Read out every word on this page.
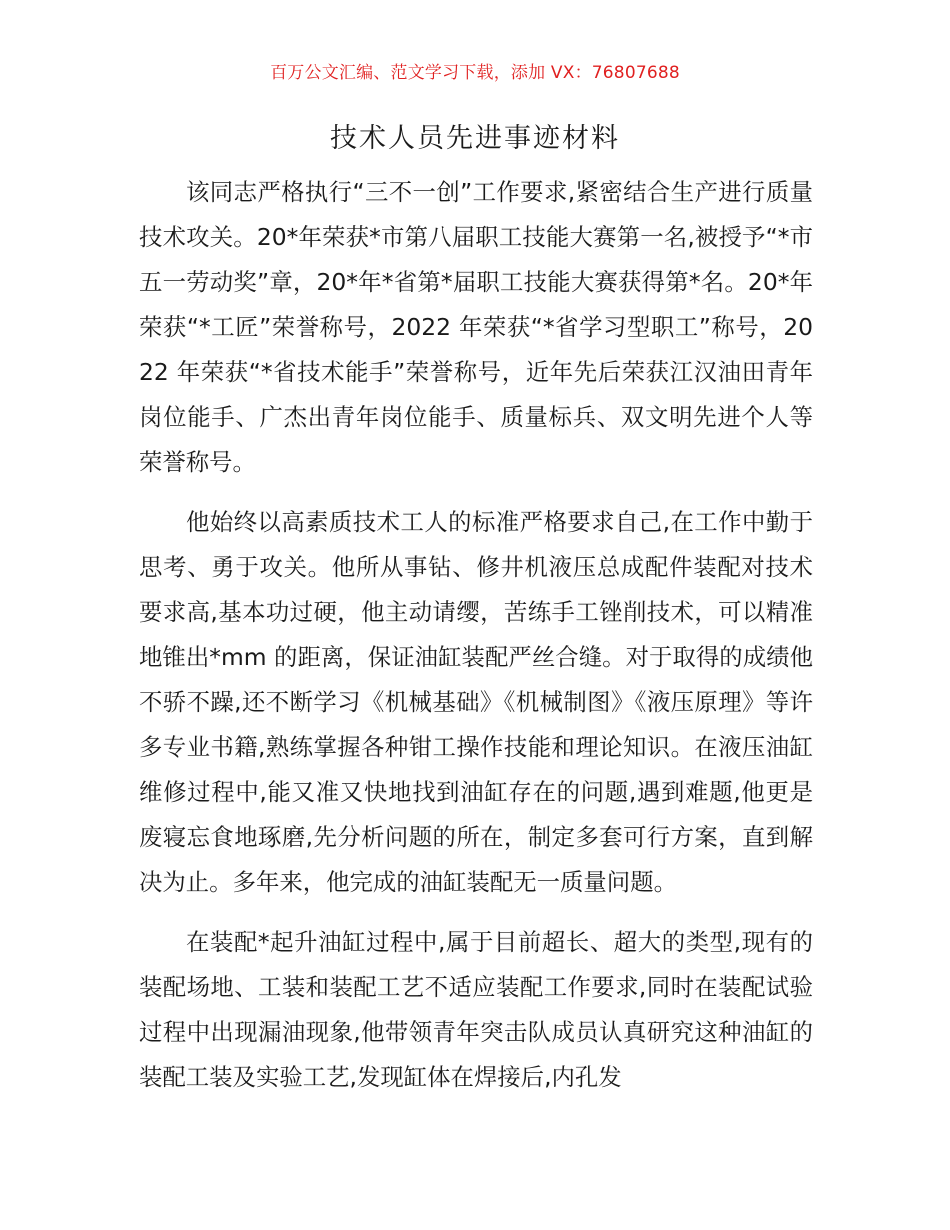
百万公文汇编、范文学习下载，添加 VX：76807688
技术人员先进事迹材料

该同志严格执行“三不一创”工作要求,紧密结合生产进行质量技术攻关。20*年荣获*市第八届职工技能大赛第一名,被授予“*市五一劳动奖”章，20*年*省第*届职工技能大赛获得第*名。20*年荣获“*工匠”荣誉称号，2022 年荣获“*省学习型职工”称号，2022 年荣获“*省技术能手”荣誉称号，近年先后荣获江汉油田青年岗位能手、广杰出青年岗位能手、质量标兵、双文明先进个人等荣誉称号。

他始终以高素质技术工人的标准严格要求自己,在工作中勤于思考、勇于攻关。他所从事钻、修井机液压总成配件装配对技术要求高,基本功过硬，他主动请缨，苦练手工锉削技术，可以精准地锥出*mm 的距离，保证油缸装配严丝合缝。对于取得的成绩他不骄不躁,还不断学习《机械基础》《机械制图》《液压原理》等许多专业书籍,熟练掌握各种钳工操作技能和理论知识。在液压油缸维修过程中,能又准又快地找到油缸存在的问题,遇到难题,他更是废寝忘食地琢磨,先分析问题的所在，制定多套可行方案，直到解决为止。多年来，他完成的油缸装配无一质量问题。

在装配*起升油缸过程中,属于目前超长、超大的类型,现有的装配场地、工装和装配工艺不适应装配工作要求,同时在装配试验过程中出现漏油现象,他带领青年突击队成员认真研究这种油缸的装配工装及实验工艺,发现缸体在焊接后,内孔发
